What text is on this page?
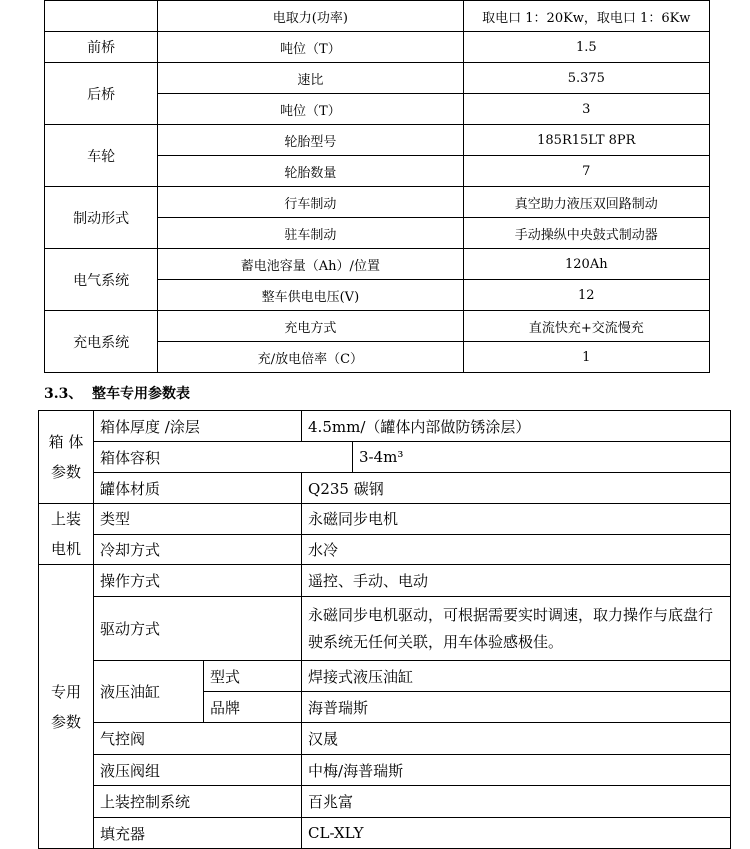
	电取力(功率)	取电口 1：20Kw，取电口 1：6Kw
前桥	吨位（T）	1.5
后桥	速比	5.375
	吨位（T）	3
车轮	轮胎型号	185R15LT 8PR
	轮胎数量	7
制动形式	行车制动	真空助力液压双回路制动
	驻车制动	手动操纵中央鼓式制动器
电气系统	蓄电池容量（Ah）/位置	120Ah
	整车供电电压(V)	12
充电系统	充电方式	直流快充+交流慢充
	充/放电倍率（C）	1
3.3、 整车专用参数表
箱 体
参数	箱体厚度 /涂层		4.5mm/（罐体内部做防锈涂层）	
	箱体容积			3-4m³
	罐体材质		Q235 碳钢	

上装
电机	类型		永磁同步电机	
	冷却方式		水冷	

专用
参数	操作方式		遥控、手动、电动	
	驱动方式		永磁同步电机驱动，可根据需要实时调速，取力操作与底盘行驶系统无任何关联，用车体验感极佳。	
	液压油缸	型式	焊接式液压油缸	
		品牌	海普瑞斯	
	气控阀		汉晟	
	液压阀组		中梅/海普瑞斯	
	上装控制系统		百兆富	
	填充器		CL-XLY	
